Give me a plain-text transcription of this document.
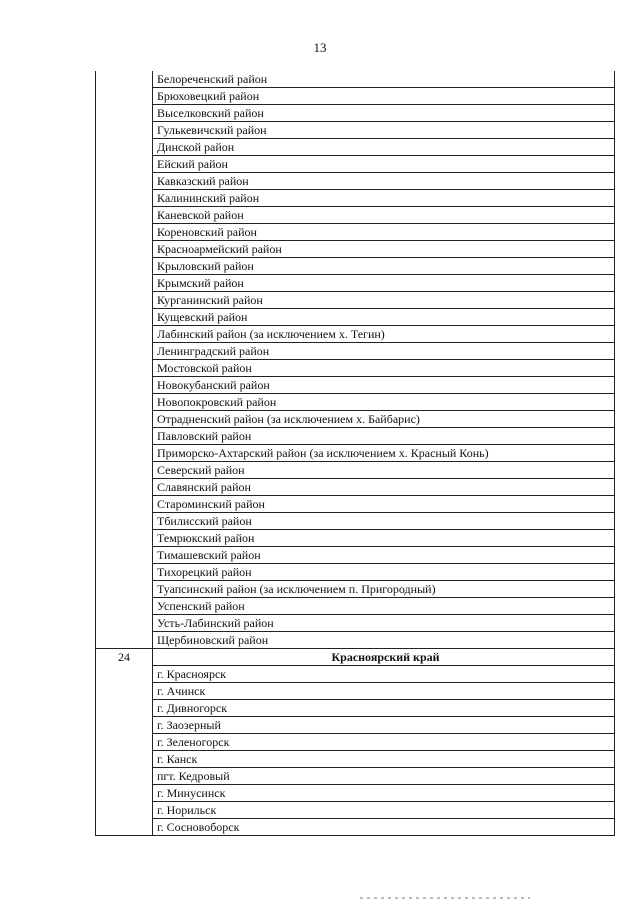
13
	Белореченский район
	Брюховецкий район
	Выселковский район
	Гулькевичский район
	Динской район
	Ейский район
	Кавказский район
	Калининский район
	Каневской район
	Кореновский район
	Красноармейский район
	Крыловский район
	Крымский район
	Курганинский район
	Кущевский район
	Лабинский район (за исключением х. Тегин)
	Ленинградский район
	Мостовской район
	Новокубанский район
	Новопокровский район
	Отрадненский район (за исключением х. Байбарис)
	Павловский район
	Приморско-Ахтарский район (за исключением х. Красный Конь)
	Северский район
	Славянский район
	Староминский район
	Тбилисский район
	Темрюкский район
	Тимашевский район
	Тихорецкий район
	Туапсинский район (за исключением п. Пригородный)
	Успенский район
	Усть-Лабинский район
	Щербиновский район
24	Красноярский край
	г. Красноярск
	г. Ачинск
	г. Дивногорск
	г. Заозерный
	г. Зеленогорск
	г. Канск
	пгт. Кедровый
	г. Минусинск
	г. Норильск
	г. Сосновоборск
